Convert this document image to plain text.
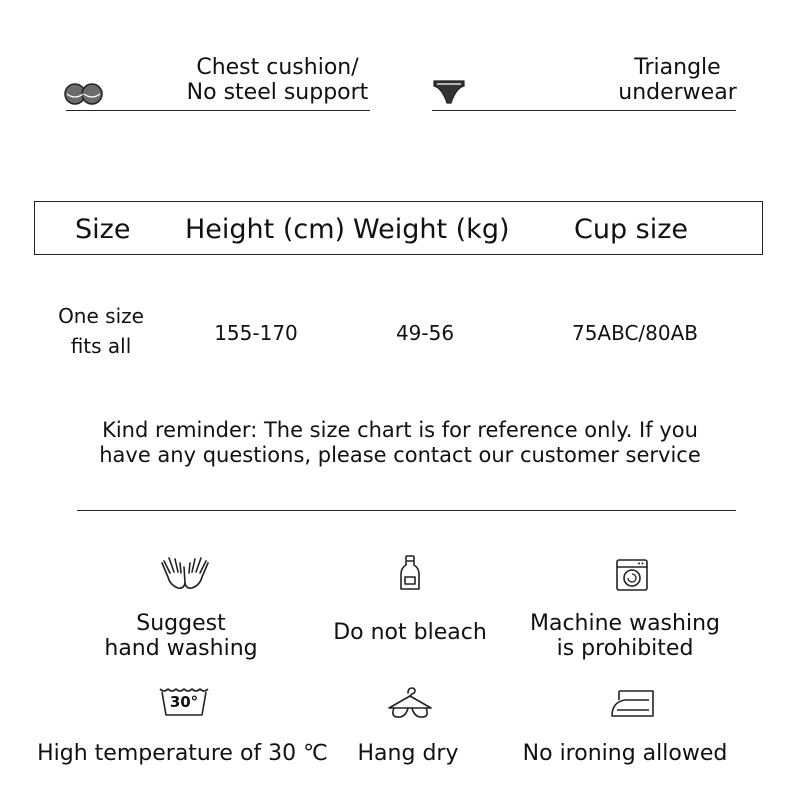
Chest cushion/
No steel support
Triangle
underwear
Size Height (cm) Weight (kg) Cup size
One size
fits all
155-170	49-56	75ABC/80AB
Kind reminder: The size chart is for reference only. If you
have any questions, please contact our customer service
Suggest
hand washing
Do not bleach	Machine washing
is prohibited
30°
High temperature of 30 ℃	Hang dry	No ironing allowed
